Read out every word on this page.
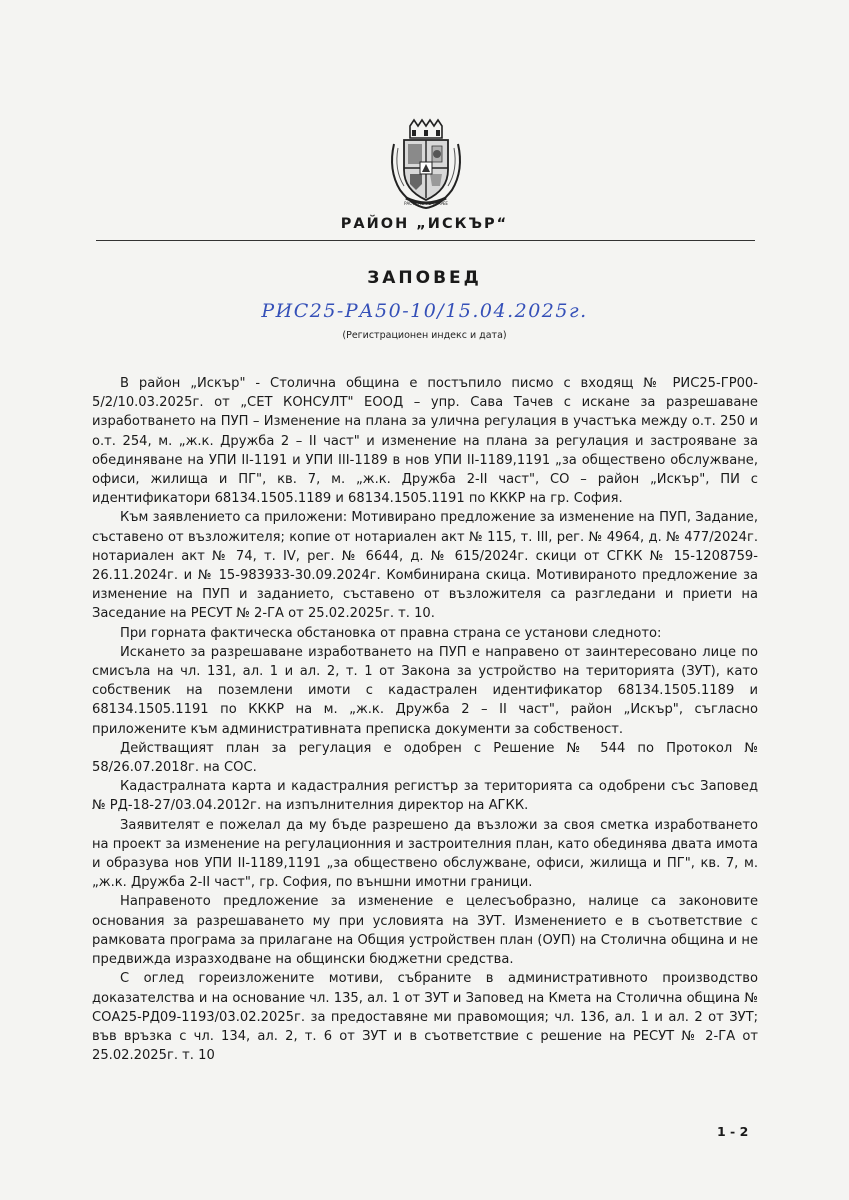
РАСТЕ НО НЕ СТАРЕЕ
РАЙОН „ИСКЪР“
ЗАПОВЕД
РИС25-РА50-10/15.04.2025г.
(Регистрационен индекс и дата)

В район „Искър" - Столична община е постъпило писмо с входящ № РИС25-ГР00-5/2/10.03.2025г. от „СЕТ КОНСУЛТ" ЕООД – упр. Сава Тачев с искане за разрешаване изработването на ПУП – Изменение на плана за улична регулация в участъка между о.т. 250 и о.т. 254, м. „ж.к. Дружба 2 – II част" и изменение на плана за регулация и застрояване за обединяване на УПИ II-1191 и УПИ III-1189 в нов УПИ II-1189,1191 „за обществено обслужване, офиси, жилища и ПГ", кв. 7, м. „ж.к. Дружба 2-II част", СО – район „Искър", ПИ с идентификатори 68134.1505.1189 и 68134.1505.1191 по КККР на гр. София.

Към заявлението са приложени: Мотивирано предложение за изменение на ПУП, Задание, съставено от възложителя; копие от нотариален акт № 115, т. III, рег. № 4964, д. № 477/2024г. нотариален акт № 74, т. IV, рег. № 6644, д. № 615/2024г. скици от СГКК № 15-1208759-26.11.2024г. и № 15-983933-30.09.2024г. Комбинирана скица. Мотивираното предложение за изменение на ПУП и заданието, съставено от възложителя са разгледани и приети на Заседание на РЕСУТ № 2-ГА от 25.02.2025г. т. 10.

При горната фактическа обстановка от правна страна се установи следното:

Искането за разрешаване изработването на ПУП е направено от заинтересовано лице по смисъла на чл. 131, ал. 1 и ал. 2, т. 1 от Закона за устройство на територията (ЗУТ), като собственик на поземлени имоти с кадастрален идентификатор 68134.1505.1189 и 68134.1505.1191 по КККР на м. „ж.к. Дружба 2 – II част", район „Искър", съгласно приложените към административната преписка документи за собственост.

Действащият план за регулация е одобрен с Решение № 544 по Протокол № 58/26.07.2018г. на СОС.

Кадастралната карта и кадастралния регистър за територията са одобрени със Заповед № РД-18-27/03.04.2012г. на изпълнителния директор на АГКК.

Заявителят е пожелал да му бъде разрешено да възложи за своя сметка изработването на проект за изменение на регулационния и застроителния план, като обединява двата имота и образува нов УПИ II-1189,1191 „за обществено обслужване, офиси, жилища и ПГ", кв. 7, м. „ж.к. Дружба 2-II част", гр. София, по външни имотни граници.

Направеното предложение за изменение е целесъобразно, налице са законовите основания за разрешаването му при условията на ЗУТ. Изменението е в съответствие с рамковата програма за прилагане на Общия устройствен план (ОУП) на Столична община и не предвижда изразходване на общински бюджетни средства.

С оглед гореизложените мотиви, събраните в административното производство доказателства и на основание чл. 135, ал. 1 от ЗУТ и Заповед на Кмета на Столична община № СОА25-РД09-1193/03.02.2025г. за предоставяне ми правомощия; чл. 136, ал. 1 и ал. 2 от ЗУТ; във връзка с чл. 134, ал. 2, т. 6 от ЗУТ и в съответствие с решение на РЕСУТ № 2-ГА от 25.02.2025г. т. 10

1 - 2
